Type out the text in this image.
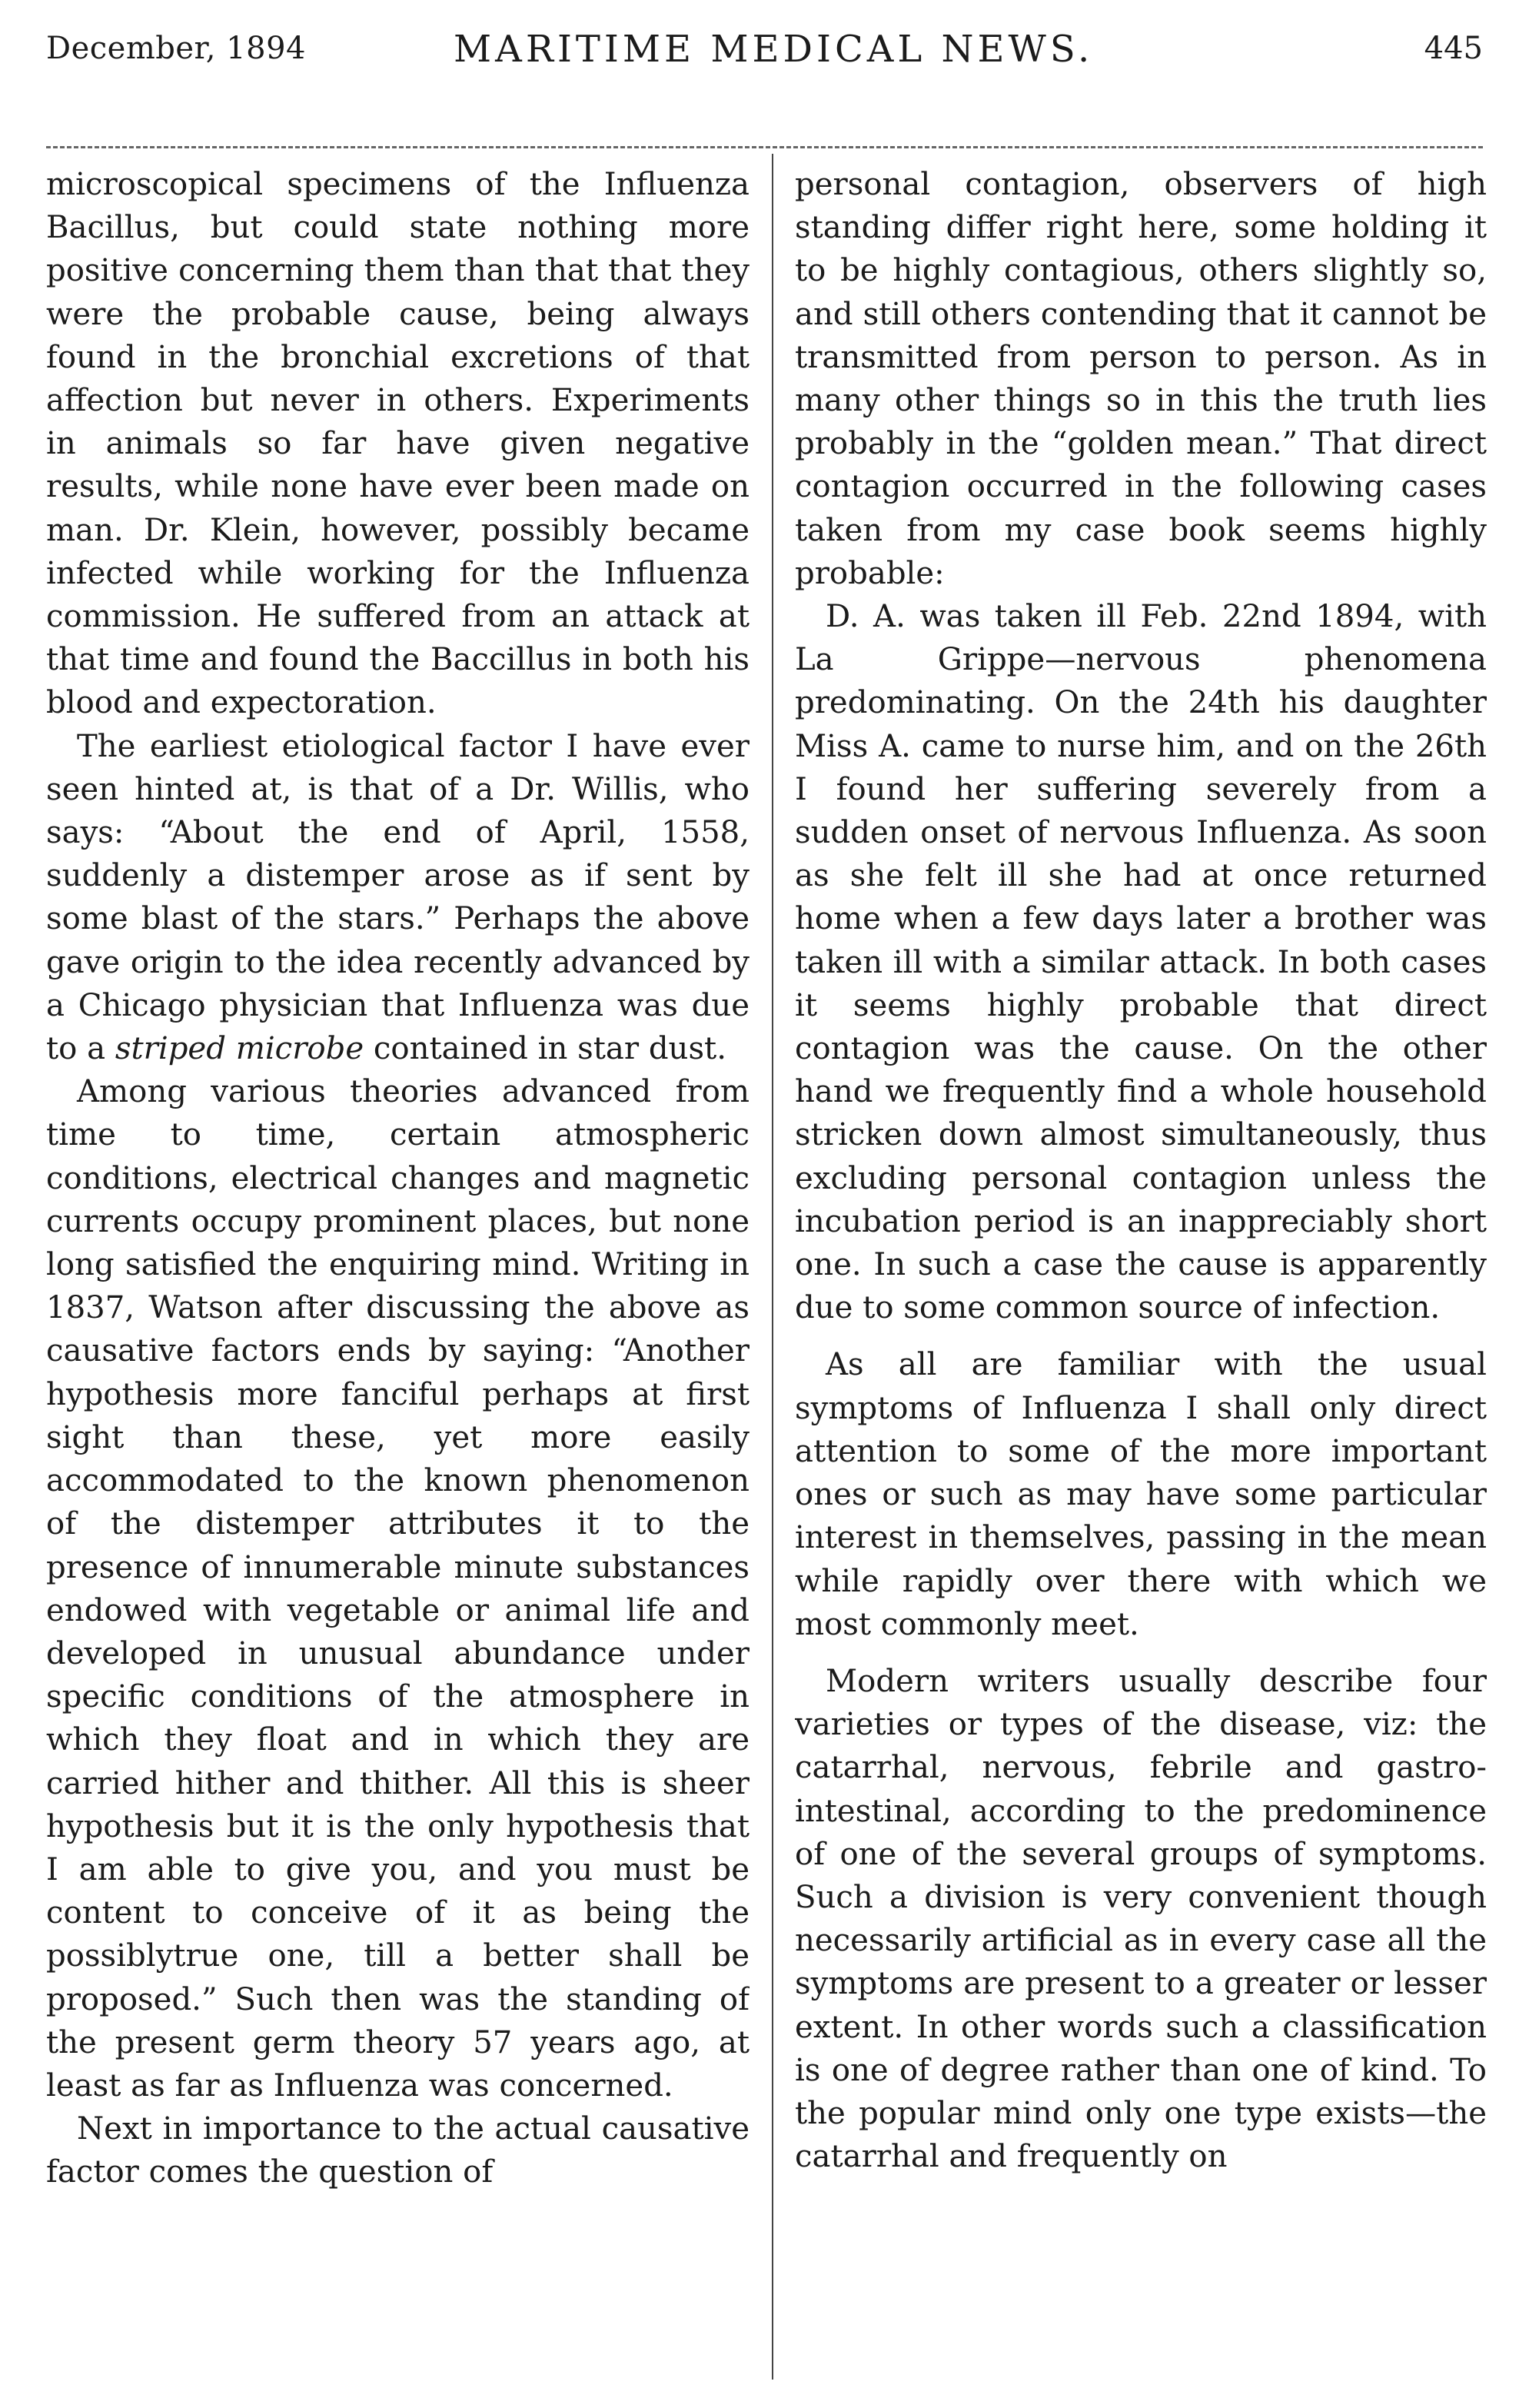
December, 1894	MARITIME MEDICAL NEWS.	445

microscopical specimens of the Influenza Bacillus, but could state nothing more positive concerning them than that that they were the probable cause, being always found in the bronchial excretions of that affection but never in others. Experiments in animals so far have given negative results, while none have ever been made on man. Dr. Klein, however, possibly became infected while working for the Influenza commission. He suffered from an attack at that time and found the Baccillus in both his blood and expectoration.

The earliest etiological factor I have ever seen hinted at, is that of a Dr. Willis, who says: “About the end of April, 1558, suddenly a distemper arose as if sent by some blast of the stars.” Perhaps the above gave origin to the idea recently advanced by a Chicago physician that Influenza was due to a striped microbe contained in star dust.

Among various theories advanced from time to time, certain atmospheric conditions, electrical changes and magnetic currents occupy prominent places, but none long satisfied the enquiring mind. Writing in 1837, Watson after discussing the above as causative factors ends by saying: “Another hypothesis more fanciful perhaps at first sight than these, yet more easily accommodated to the known phenomenon of the distemper attributes it to the presence of innumerable minute substances endowed with vegetable or animal life and developed in unusual abundance under specific conditions of the atmosphere in which they float and in which they are carried hither and thither. All this is sheer hypothesis but it is the only hypothesis that I am able to give you, and you must be content to conceive of it as being the possiblytrue one, till a better shall be proposed.” Such then was the standing of the present germ theory 57 years ago, at least as far as Influenza was concerned.

Next in importance to the actual causative factor comes the question of

personal contagion, observers of high standing differ right here, some holding it to be highly contagious, others slightly so, and still others contending that it cannot be transmitted from person to person. As in many other things so in this the truth lies probably in the “golden mean.” That direct contagion occurred in the following cases taken from my case book seems highly probable:

D. A. was taken ill Feb. 22nd 1894, with La Grippe—nervous phenomena predominating. On the 24th his daughter Miss A. came to nurse him, and on the 26th I found her suffering severely from a sudden onset of nervous Influenza. As soon as she felt ill she had at once returned home when a few days later a brother was taken ill with a similar attack. In both cases it seems highly probable that direct contagion was the cause. On the other hand we frequently find a whole household stricken down almost simultaneously, thus excluding personal contagion unless the incubation period is an inappreciably short one. In such a case the cause is apparently due to some common source of infection.

As all are familiar with the usual symptoms of Influenza I shall only direct attention to some of the more important ones or such as may have some particular interest in themselves, passing in the mean while rapidly over there with which we most commonly meet.

Modern writers usually describe four varieties or types of the disease, viz: the catarrhal, nervous, febrile and gastro-intestinal, according to the predominence of one of the several groups of symptoms. Such a division is very convenient though necessarily artificial as in every case all the symptoms are present to a greater or lesser extent. In other words such a classification is one of degree rather than one of kind. To the popular mind only one type exists—the catarrhal and frequently on
